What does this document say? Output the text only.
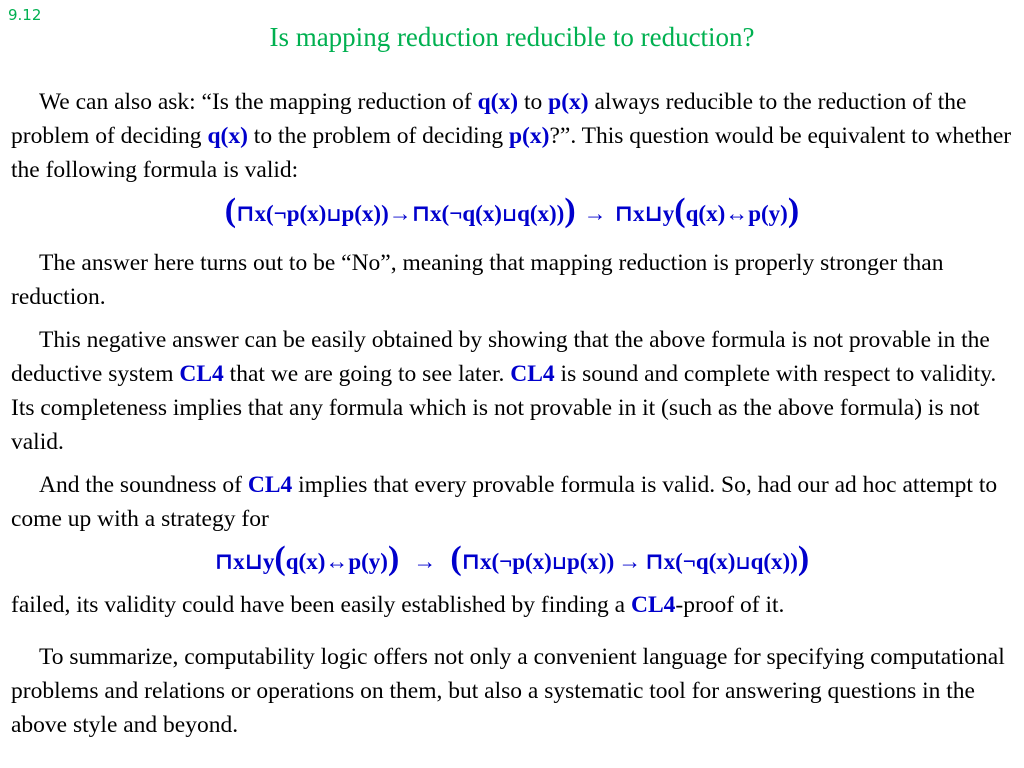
9.12
Is mapping reduction reducible to reduction?
We can also ask: “Is the mapping reduction of q(x) to p(x) always reducible to the reduction of the problem of deciding q(x) to the problem of deciding p(x)?”. This question would be equivalent to whether the following formula is valid:
(⊓x(¬p(x)⊔p(x))→⊓x(¬q(x)⊔q(x))) → ⊓x⊔y(q(x)↔p(y))
The answer here turns out to be “No”, meaning that mapping reduction is properly stronger than reduction.
This negative answer can be easily obtained by showing that the above formula is not provable in the deductive system CL4 that we are going to see later. CL4 is sound and complete with respect to validity. Its completeness implies that any formula which is not provable in it (such as the above formula) is not valid.
And the soundness of CL4 implies that every provable formula is valid. So, had our ad hoc attempt to come up with a strategy for
⊓x⊔y(q(x)↔p(y)) → (⊓x(¬p(x)⊔p(x)) → ⊓x(¬q(x)⊔q(x)))
failed, its validity could have been easily established by finding a CL4-proof of it.
To summarize, computability logic offers not only a convenient language for specifying computational problems and relations or operations on them, but also a systematic tool for answering questions in the above style and beyond.
